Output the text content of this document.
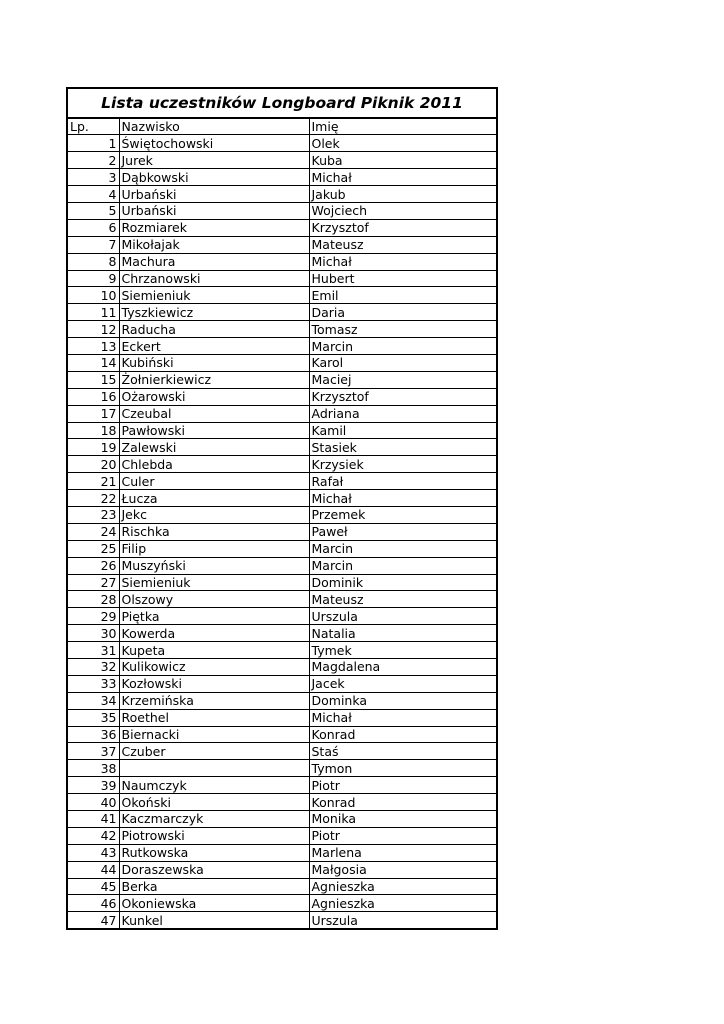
Lista uczestników Longboard Piknik 2011		
Lp.	Nazwisko	Imię
1	Świętochowski	Olek
2	Jurek	Kuba
3	Dąbkowski	Michał
4	Urbański	Jakub
5	Urbański	Wojciech
6	Rozmiarek	Krzysztof
7	Mikołajak	Mateusz
8	Machura	Michał
9	Chrzanowski	Hubert
10	Siemieniuk	Emil
11	Tyszkiewicz	Daria
12	Raducha	Tomasz
13	Eckert	Marcin
14	Kubiński	Karol
15	Żołnierkiewicz	Maciej
16	Ożarowski	Krzysztof
17	Czeubal	Adriana
18	Pawłowski	Kamil
19	Zalewski	Stasiek
20	Chlebda	Krzysiek
21	Culer	Rafał
22	Łucza	Michał
23	Jekc	Przemek
24	Rischka	Paweł
25	Filip	Marcin
26	Muszyński	Marcin
27	Siemieniuk	Dominik
28	Olszowy	Mateusz
29	Piętka	Urszula
30	Kowerda	Natalia
31	Kupeta	Tymek
32	Kulikowicz	Magdalena
33	Kozłowski	Jacek
34	Krzemińska	Dominka
35	Roethel	Michał
36	Biernacki	Konrad
37	Czuber	Staś
38		Tymon
39	Naumczyk	Piotr
40	Okoński	Konrad
41	Kaczmarczyk	Monika
42	Piotrowski	Piotr
43	Rutkowska	Marlena
44	Doraszewska	Małgosia
45	Berka	Agnieszka
46	Okoniewska	Agnieszka
47	Kunkel	Urszula
